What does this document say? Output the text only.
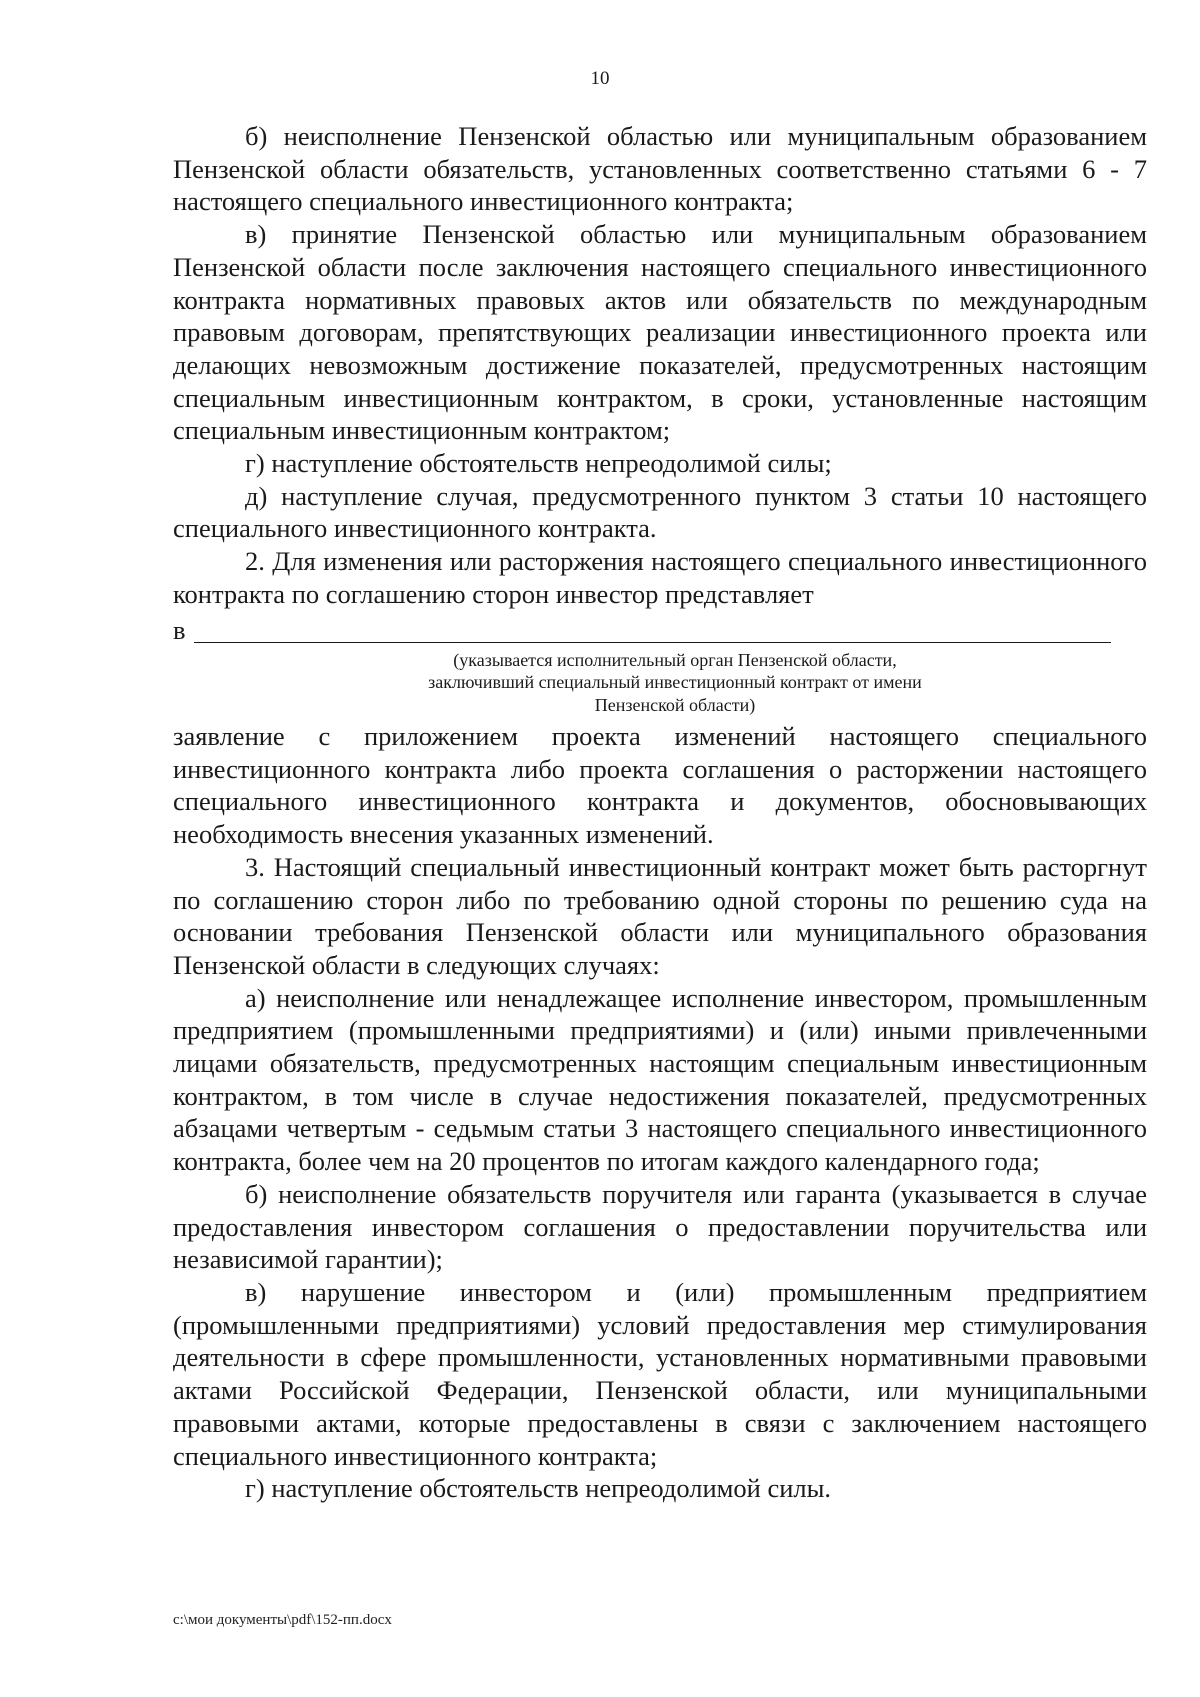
10

б) неисполнение Пензенской областью или муниципальным образованием Пензенской области обязательств, установленных соответственно статьями 6 - 7 настоящего специального инвестиционного контракта;

в) принятие Пензенской областью или муниципальным образованием Пензенской области после заключения настоящего специального инвестиционного контракта нормативных правовых актов или обязательств по международным правовым договорам, препятствующих реализации инвестиционного проекта или делающих невозможным достижение показателей, предусмотренных настоящим специальным инвестиционным контрактом, в сроки, установленные настоящим специальным инвестиционным контрактом;

г) наступление обстоятельств непреодолимой силы;

д) наступление случая, предусмотренного пунктом 3 статьи 10 настоящего специального инвестиционного контракта.

2. Для изменения или расторжения настоящего специального инвестиционного контракта по соглашению сторон инвестор представляет

в
(указывается исполнительный орган Пензенской области,
заключивший специальный инвестиционный контракт от имени
Пензенской области)

заявление с приложением проекта изменений настоящего специального инвестиционного контракта либо проекта соглашения о расторжении настоящего специального инвестиционного контракта и документов, обосновывающих необходимость внесения указанных изменений.

3. Настоящий специальный инвестиционный контракт может быть расторгнут по соглашению сторон либо по требованию одной стороны по решению суда на основании требования Пензенской области или муниципального образования Пензенской области в следующих случаях:

а) неисполнение или ненадлежащее исполнение инвестором, промышленным предприятием (промышленными предприятиями) и (или) иными привлеченными лицами обязательств, предусмотренных настоящим специальным инвестиционным контрактом, в том числе в случае недостижения показателей, предусмотренных абзацами четвертым - седьмым статьи 3 настоящего специального инвестиционного контракта, более чем на 20 процентов по итогам каждого календарного года;

б) неисполнение обязательств поручителя или гаранта (указывается в случае предоставления инвестором соглашения о предоставлении поручительства или независимой гарантии);

в) нарушение инвестором и (или) промышленным предприятием (промышленными предприятиями) условий предоставления мер стимулирования деятельности в сфере промышленности, установленных нормативными правовыми актами Российской Федерации, Пензенской области, или муниципальными правовыми актами, которые предоставлены в связи с заключением настоящего специального инвестиционного контракта;

г) наступление обстоятельств непреодолимой силы.

c:\мои документы\pdf\152-пп.docx
